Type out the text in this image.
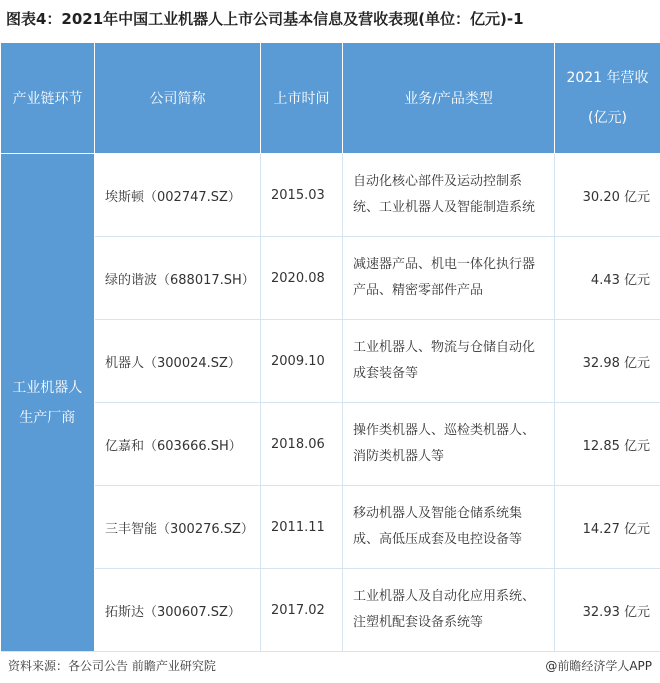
图表4：2021年中国工业机器人上市公司基本信息及营收表现(单位：亿元)-1
产业链环节	公司简称	上市时间	业务/产品类型	2021 年营收
(亿元)
工业机器人
生产厂商	埃斯顿（002747.SZ）	2015.03	自动化核心部件及运动控制系
统、工业机器人及智能制造系统	30.20 亿元
	绿的谐波（688017.SH）	2020.08	减速器产品、机电一体化执行器
产品、精密零部件产品	4.43 亿元
	机器人（300024.SZ）	2009.10	工业机器人、物流与仓储自动化
成套装备等	32.98 亿元
	亿嘉和（603666.SH）	2018.06	操作类机器人、巡检类机器人、
消防类机器人等	12.85 亿元
	三丰智能（300276.SZ）	2011.11	移动机器人及智能仓储系统集
成、高低压成套及电控设备等	14.27 亿元
	拓斯达（300607.SZ）	2017.02	工业机器人及自动化应用系统、
注塑机配套设备系统等	32.93 亿元
资料来源：各公司公告 前瞻产业研究院	@前瞻经济学人APP
